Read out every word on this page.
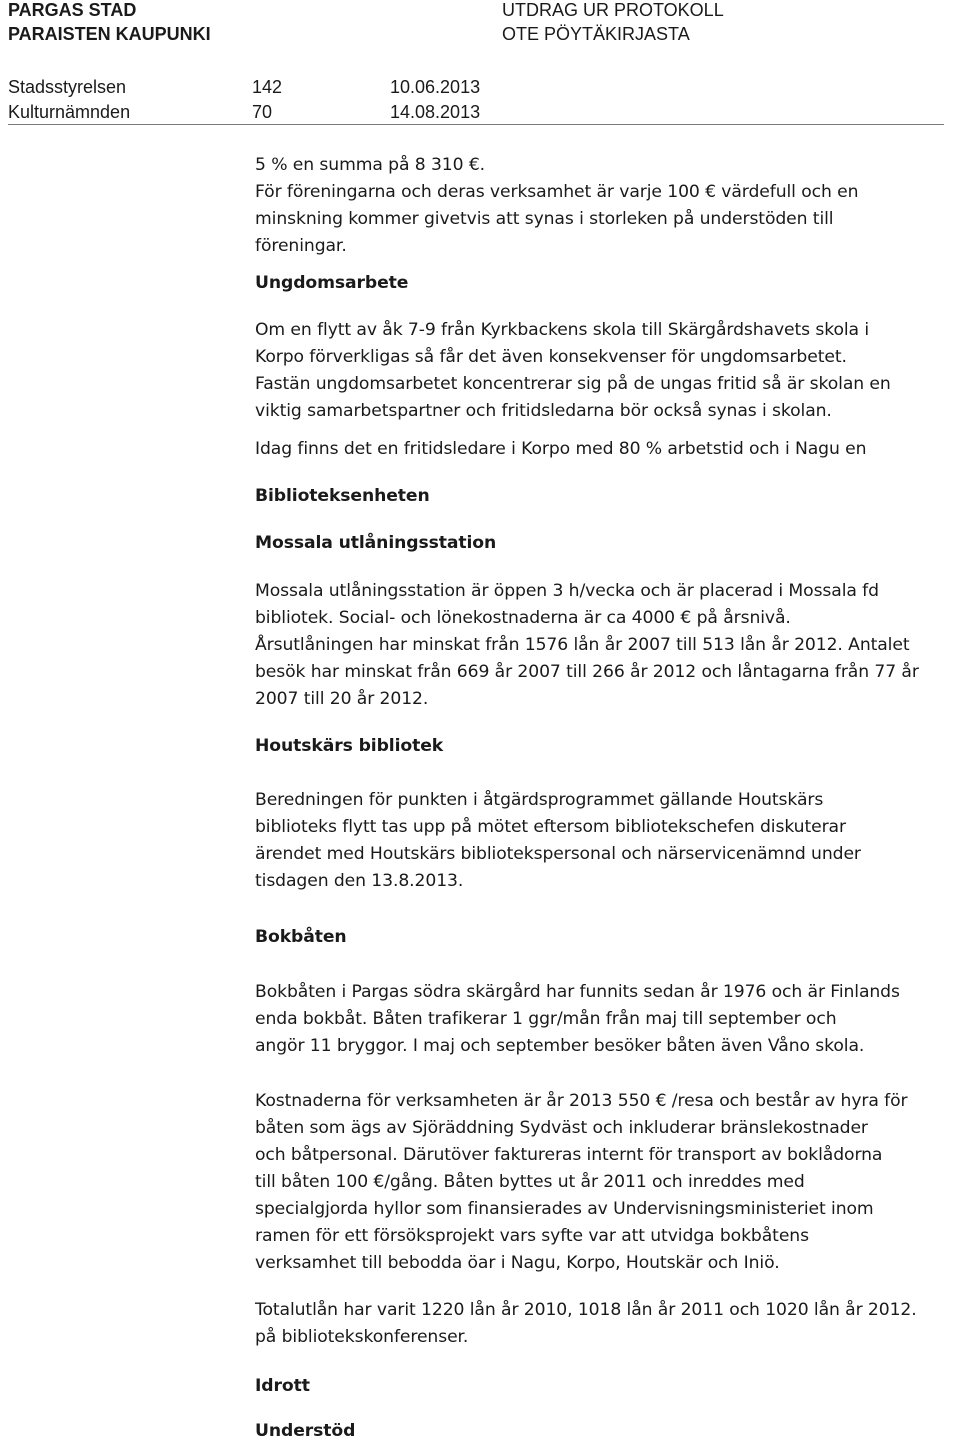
PARGAS STAD
PARAISTEN KAUPUNKI
UTDRAG UR PROTOKOLL
OTE PÖYTÄKIRJASTA
Stadsstyrelsen	142	10.06.2013
Kulturnämnden	70	14.08.2013

5 % en summa på 8 310 €.
För föreningarna och deras verksamhet är varje 100 € värdefull och en
minskning kommer givetvis att synas i storleken på understöden till
föreningar.

Ungdomsarbete

Om en flytt av åk 7-9 från Kyrkbackens skola till Skärgårdshavets skola i
Korpo förverkligas så får det även konsekvenser för ungdomsarbetet.
Fastän ungdomsarbetet koncentrerar sig på de ungas fritid så är skolan en
viktig samarbetspartner och fritidsledarna bör också synas i skolan.

Idag finns det en fritidsledare i Korpo med 80 % arbetstid och i Nagu en
Biblioteksenheten
Mossala utlåningsstation

Mossala utlåningsstation är öppen 3 h/vecka och är placerad i Mossala fd
bibliotek. Social- och lönekostnaderna är ca 4000 € på årsnivå.
Årsutlåningen har minskat från 1576 lån år 2007 till 513 lån år 2012. Antalet
besök har minskat från 669 år 2007 till 266 år 2012 och låntagarna från 77 år
2007 till 20 år 2012.

Houtskärs bibliotek

Beredningen för punkten i åtgärdsprogrammet gällande Houtskärs
biblioteks flytt tas upp på mötet eftersom bibliotekschefen diskuterar
ärendet med Houtskärs bibliotekspersonal och närservicenämnd under
tisdagen den 13.8.2013.

Bokbåten

Bokbåten i Pargas södra skärgård har funnits sedan år 1976 och är Finlands
enda bokbåt. Båten trafikerar 1 ggr/mån från maj till september och
angör 11 bryggor. I maj och september besöker båten även Våno skola.

Kostnaderna för verksamheten är år 2013 550 € /resa och består av hyra för
båten som ägs av Sjöräddning Sydväst och inkluderar bränslekostnader
och båtpersonal. Därutöver faktureras internt för transport av boklådorna
till båten 100 €/gång. Båten byttes ut år 2011 och inreddes med
specialgjorda hyllor som finansierades av Undervisningsministeriet inom
ramen för ett försöksprojekt vars syfte var att utvidga bokbåtens
verksamhet till bebodda öar i Nagu, Korpo, Houtskär och Iniö.

Totalutlån har varit 1220 lån år 2010, 1018 lån år 2011 och 1020 lån år 2012.
på bibliotekskonferenser.

Idrott
Understöd
